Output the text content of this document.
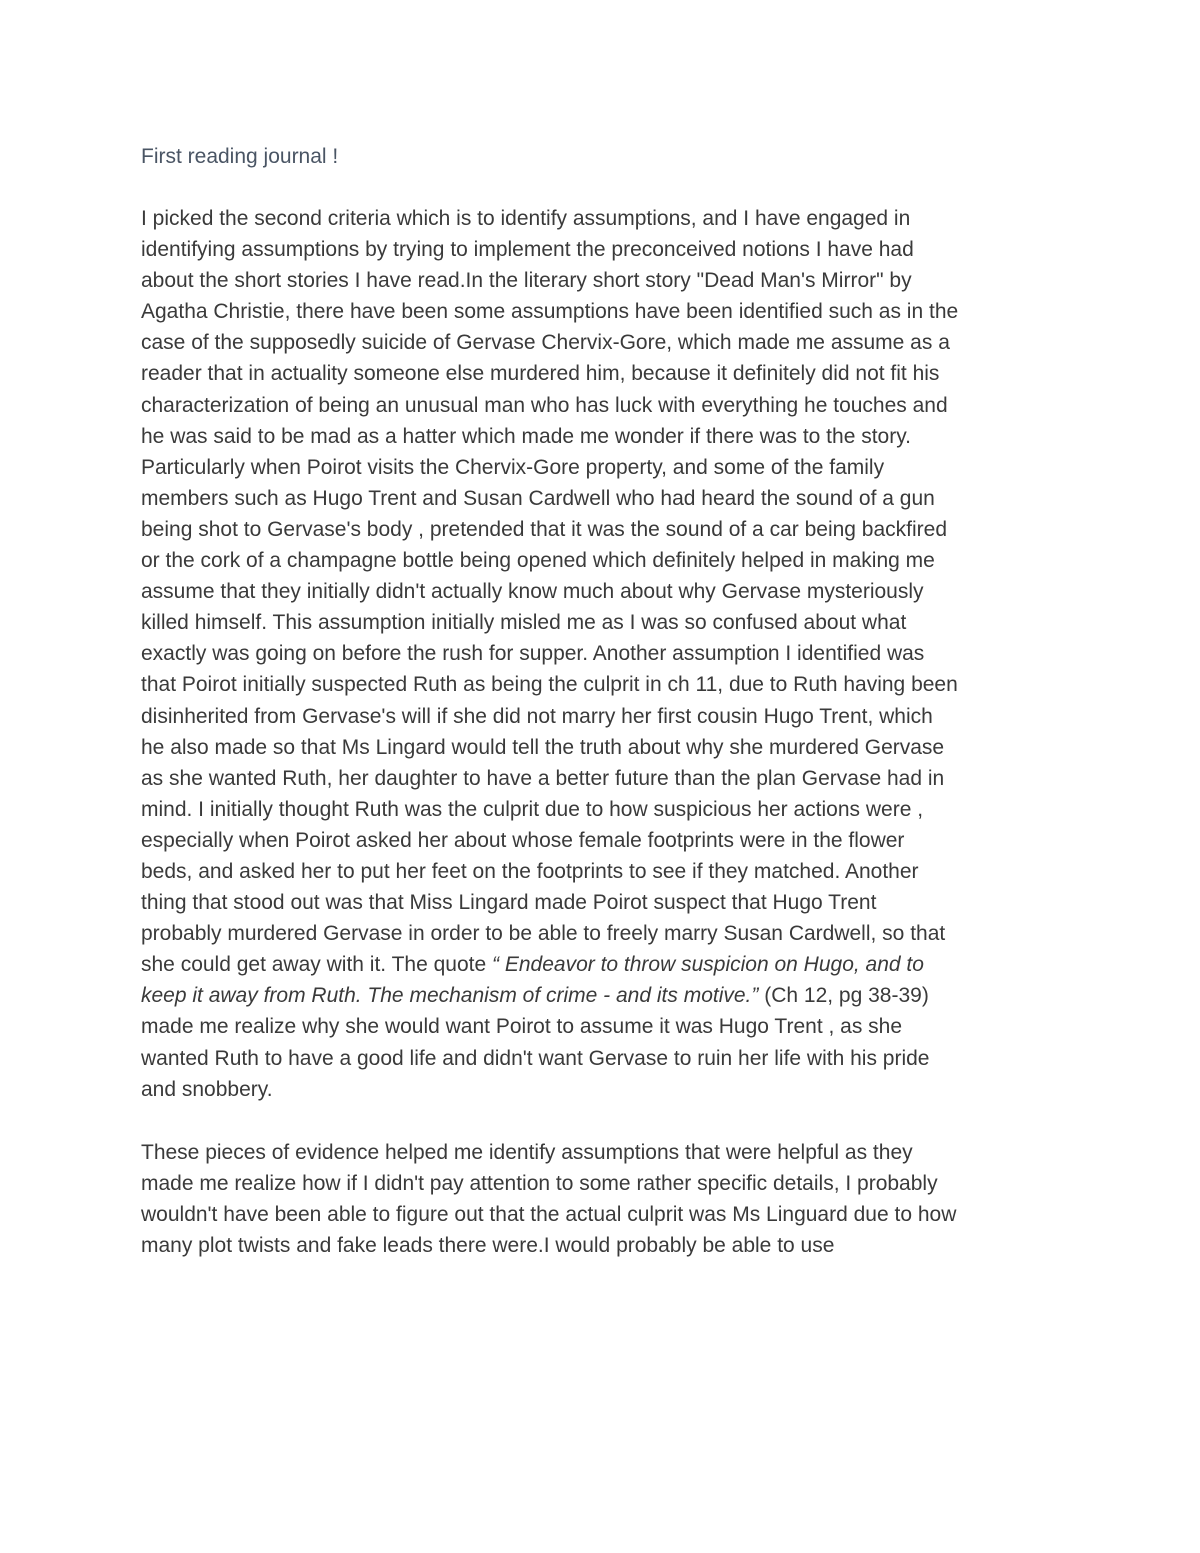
First reading journal !
I picked the second criteria which is to identify assumptions, and I have engaged in
identifying assumptions by trying to implement the preconceived notions I have had
about the short stories I have read.In the literary short story "Dead Man's Mirror" by
Agatha Christie, there have been some assumptions have been identified such as in the
case of the supposedly suicide of Gervase Chervix-Gore, which made me assume as a
reader that in actuality someone else murdered him, because it definitely did not fit his
characterization of being an unusual man who has luck with everything he touches and
he was said to be mad as a hatter which made me wonder if there was to the story.
Particularly when Poirot visits the Chervix-Gore property, and some of the family
members such as Hugo Trent and Susan Cardwell who had heard the sound of a gun
being shot to Gervase's body , pretended that it was the sound of a car being backfired
or the cork of a champagne bottle being opened which definitely helped in making me
assume that they initially didn't actually know much about why Gervase mysteriously
killed himself. This assumption initially misled me as I was so confused about what
exactly was going on before the rush for supper. Another assumption I identified was
that Poirot initially suspected Ruth as being the culprit in ch 11, due to Ruth having been
disinherited from Gervase's will if she did not marry her first cousin Hugo Trent, which
he also made so that Ms Lingard would tell the truth about why she murdered Gervase
as she wanted Ruth, her daughter to have a better future than the plan Gervase had in
mind. I initially thought Ruth was the culprit due to how suspicious her actions were ,
especially when Poirot asked her about whose female footprints were in the flower
beds, and asked her to put her feet on the footprints to see if they matched. Another
thing that stood out was that Miss Lingard made Poirot suspect that Hugo Trent
probably murdered Gervase in order to be able to freely marry Susan Cardwell, so that
she could get away with it. The quote “ Endeavor to throw suspicion on Hugo, and to
keep it away from Ruth. The mechanism of crime - and its motive.” (Ch 12, pg 38-39)
made me realize why she would want Poirot to assume it was Hugo Trent , as she
wanted Ruth to have a good life and didn't want Gervase to ruin her life with his pride
and snobbery.
These pieces of evidence helped me identify assumptions that were helpful as they
made me realize how if I didn't pay attention to some rather specific details, I probably
wouldn't have been able to figure out that the actual culprit was Ms Linguard due to how
many plot twists and fake leads there were.I would probably be able to use
